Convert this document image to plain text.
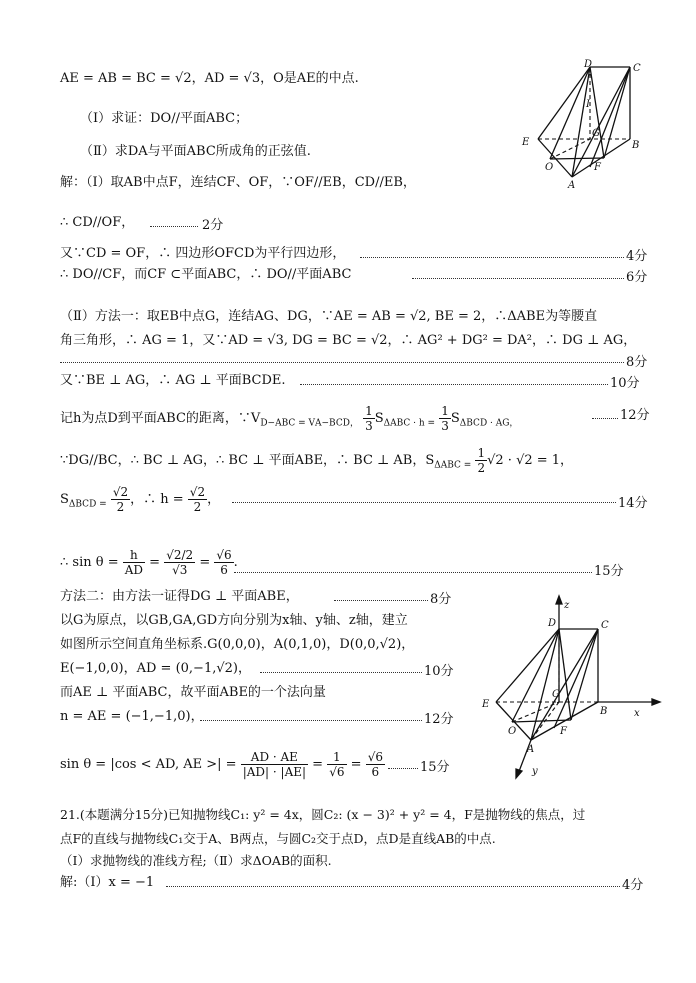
AE = AB = BC = √2，AD = √3，O是AE的中点.
（Ⅰ）求证：DO//平面ABC；
（Ⅱ）求DA与平面ABC所成角的正弦值.
解：（Ⅰ）取AB中点F，连结CF、OF，∵OF//EB，CD//EB，
∴ CD//OF，	2分
又∵CD = OF，∴ 四边形OFCD为平行四边形，	4分
∴ DO//CF，而CF ⊂平面ABC，∴ DO//平面ABC	6分
（Ⅱ）方法一：取EB中点G，连结AG、DG，∵AE = AB = √2, BE = 2，∴ΔABE为等腰直
角三角形，∴ AG = 1，又∵AD = √3, DG = BC = √2，∴ AG² + DG² = DA²，∴ DG ⊥ AG，
8分
又∵BE ⊥ AG，∴ AG ⊥ 平面BCDE.	10分
记h为点D到平面ABC的距离，$\because V_{D-ABC = VA-BCD,} \frac{1}{3} S_{\Delta ABC \cdot h =} \frac{1}{3} S_{\Delta BCD \cdot AG,}$
12分
∵DG//BC，∴ BC ⊥ AG，∴ BC ⊥ 平面ABE，∴ BC ⊥ AB，$S_{\Delta ABC =} \frac{1}{2} √2 \cdot √2 = 1$，
$S_{\Delta BCD =} \frac{√2}{2}$ ，∴ $h = \frac{√2}{2}$ ，	14分
∴ $\sin \theta = \frac{h}{AD} = \frac{√2/2}{√3} = \frac{√6}{6}$ .
15分
方法二：由方法一证得DG ⊥ 平面ABE，	8分
以G为原点，以GB,GA,GD方向分别为x轴、y轴、z轴，建立
如图所示空间直角坐标系.G(0,0,0)，A(0,1,0)，D(0,0,√2)，
E(−1,0,0)，AD = (0,−1,√2)，	10分
而AE ⊥ 平面ABC，故平面ABE的一个法向量
n = AE = (−1,−1,0)，	12分
sin θ = |cos < AD, AE >| = $\frac{AD \cdot AE}{|AD| \cdot |AE|} = \frac{1}{√6} = \frac{√6}{6}$	15分
21.(本题满分15分)已知抛物线C₁: y² = 4x，圆C₂: (x − 3)² + y² = 4，F是抛物线的焦点，过
点F的直线与抛物线C₁交于A、B两点，与圆C₂交于点D，点D是直线AB的中点.
（Ⅰ）求抛物线的准线方程;（Ⅱ）求ΔOAB的面积.
解:（Ⅰ）x = −1	4分
D	C
E	B
O
A
F
G
I
z
D	C
E
B	x
O
G
A
F
y
